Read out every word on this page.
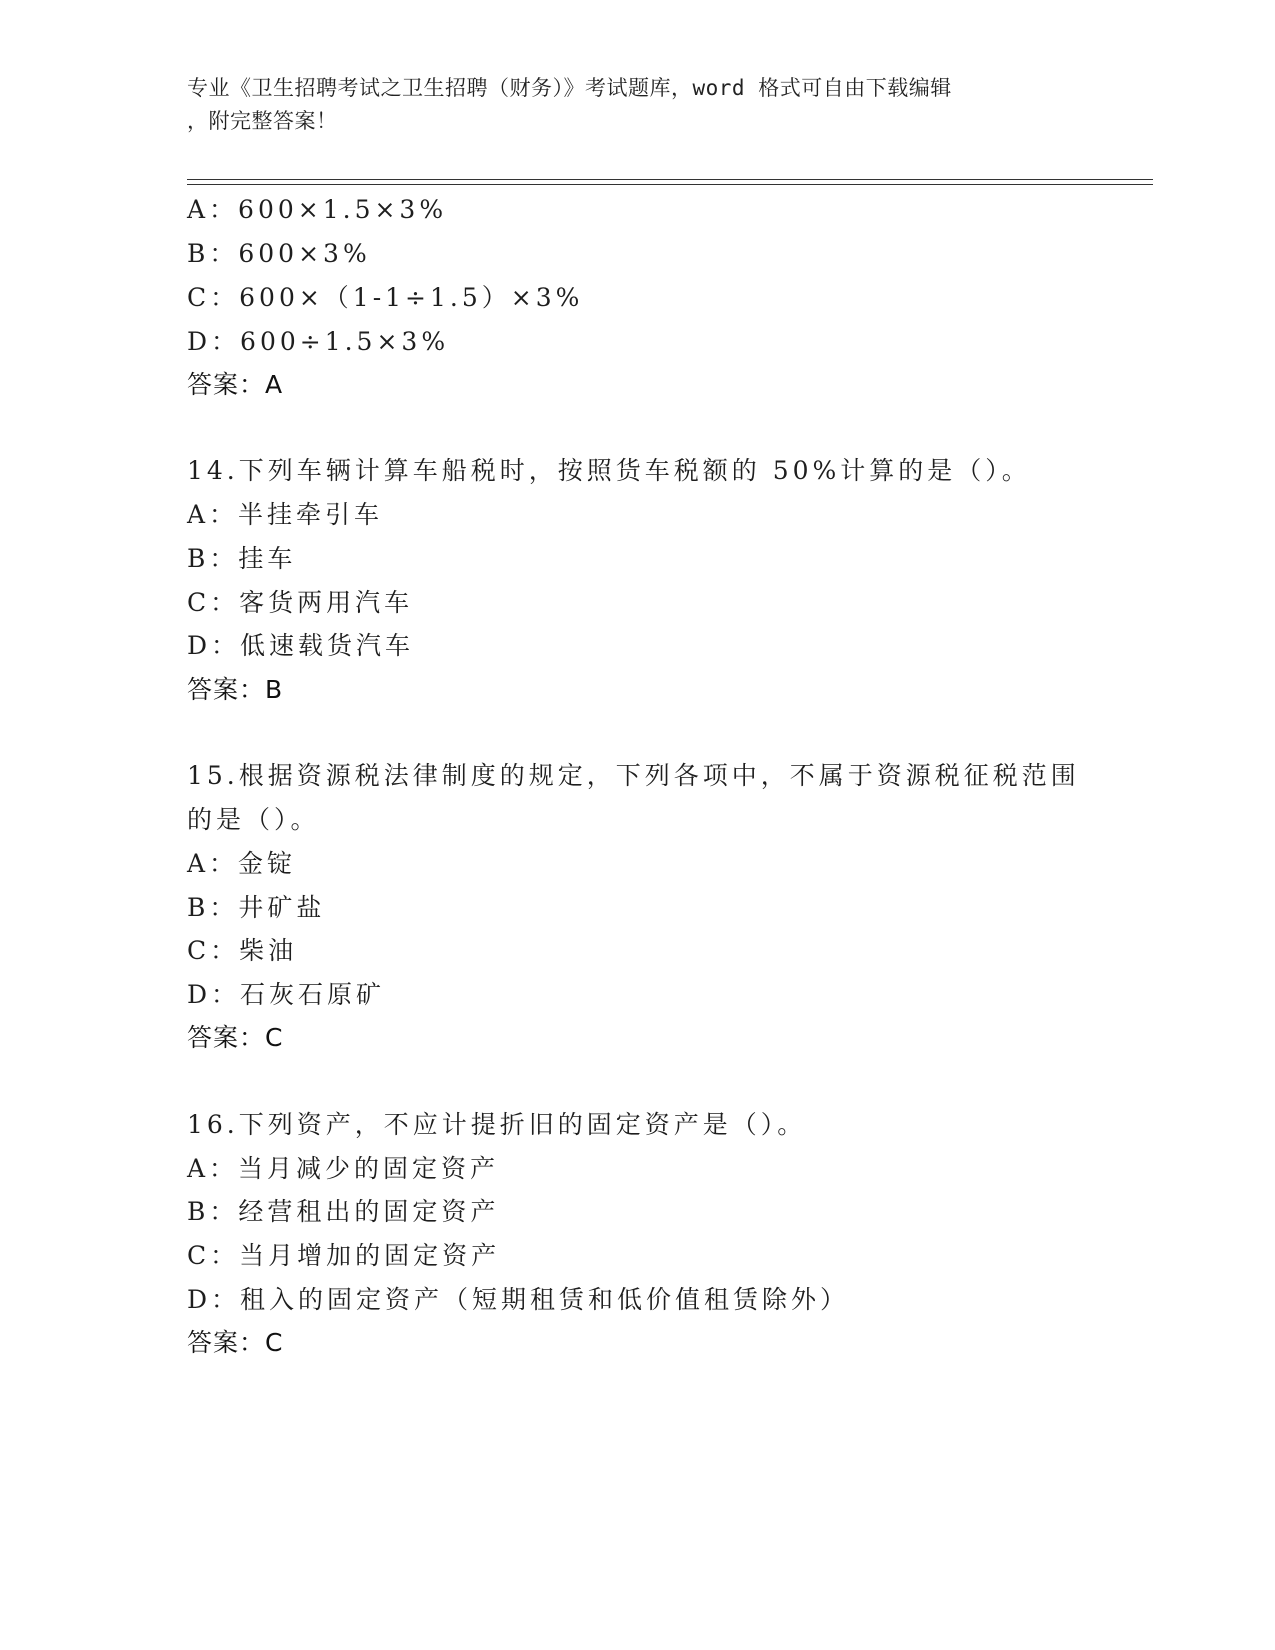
专业《卫生招聘考试之卫生招聘（财务）》考试题库，word 格式可自由下载编辑
，附完整答案！
A：600×1.5×3%
B：600×3%
C：600×（1-1÷1.5）×3%
D：600÷1.5×3%
答案：A
14.下列车辆计算车船税时，按照货车税额的 50%计算的是（）。
A：半挂牵引车
B：挂车
C：客货两用汽车
D：低速载货汽车
答案：B
15.根据资源税法律制度的规定，下列各项中，不属于资源税征税范围
的是（）。
A：金锭
B：井矿盐
C：柴油
D：石灰石原矿
答案：C
16.下列资产，不应计提折旧的固定资产是（）。
A：当月减少的固定资产
B：经营租出的固定资产
C：当月增加的固定资产
D：租入的固定资产（短期租赁和低价值租赁除外）
答案：C
